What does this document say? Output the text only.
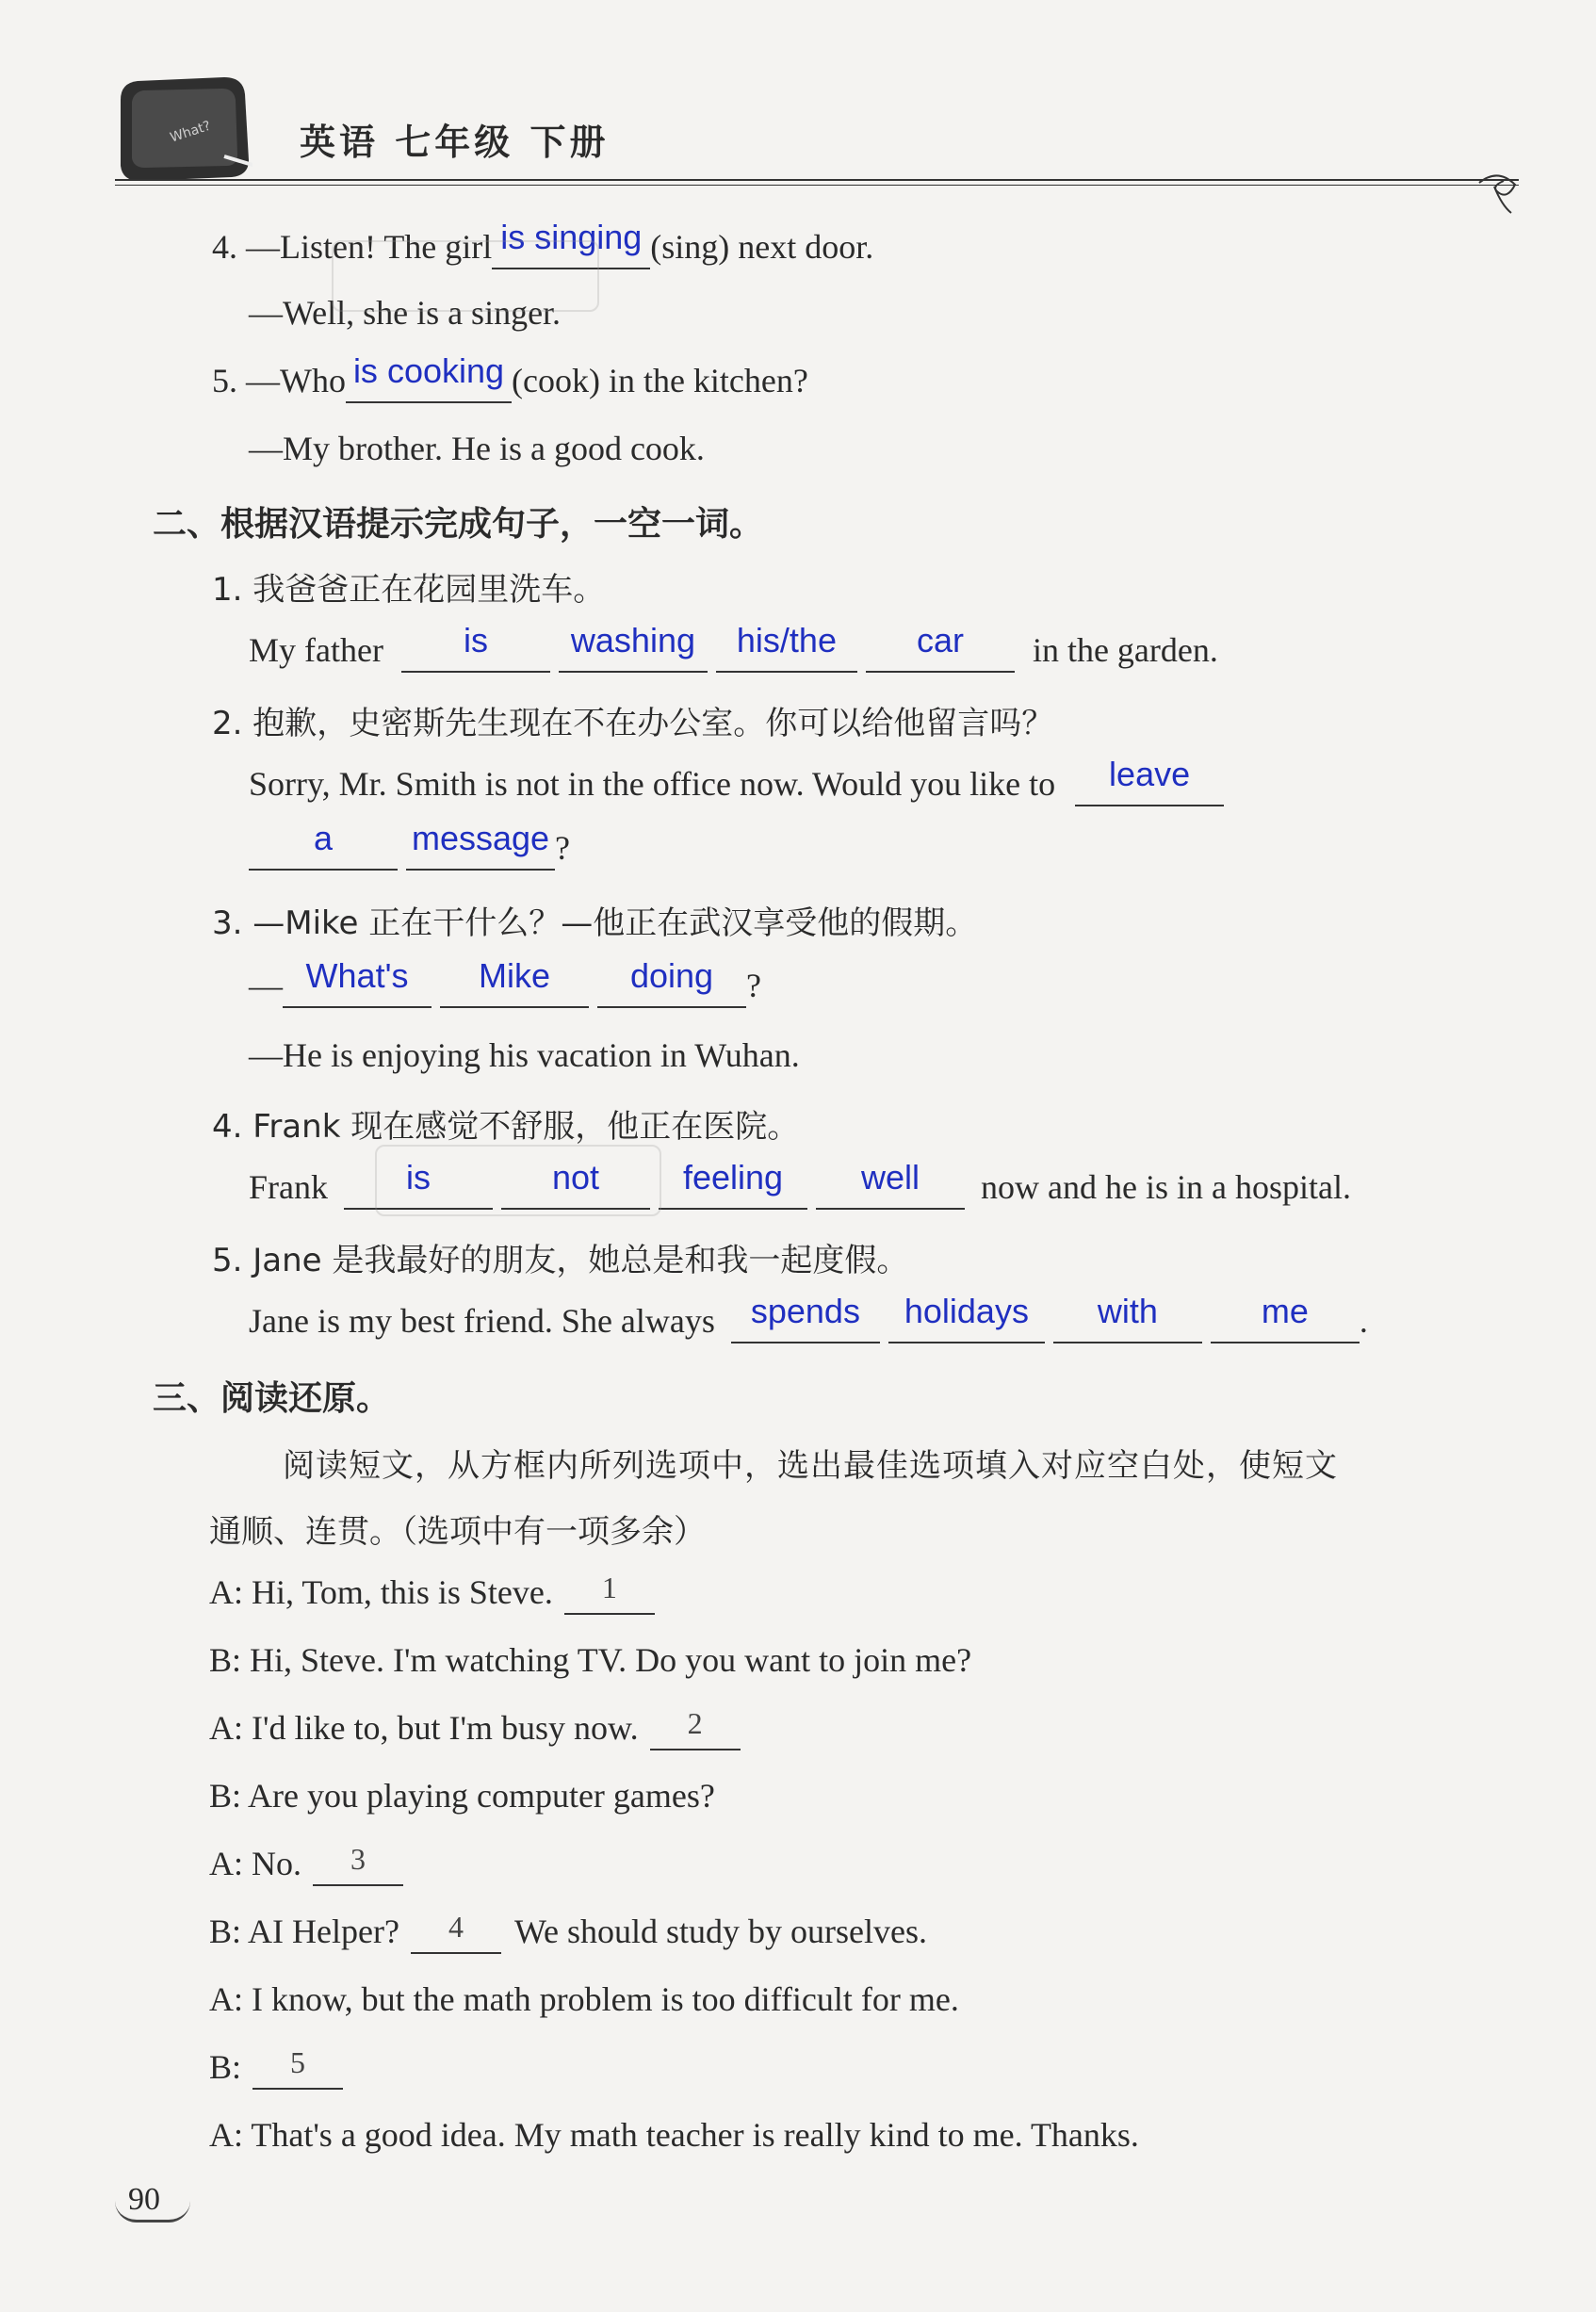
What? 英语 七年级 下册
4. —Listen! The girl is singing (sing) next door.
—Well, she is a singer.
5. —Who is cooking (cook) in the kitchen?
—My brother. He is a good cook.
二、根据汉语提示完成句子，一空一词。
1. 我爸爸正在花园里洗车。
My father is washing his/the car in the garden.
2. 抱歉，史密斯先生现在不在办公室。你可以给他留言吗？
Sorry, Mr. Smith is not in the office now. Would you like to leave
a message ?
3. —Mike 正在干什么？—他正在武汉享受他的假期。
— What's Mike doing ?
—He is enjoying his vacation in Wuhan.
4. Frank 现在感觉不舒服，他正在医院。
Frank is	not feeling well now and he is in a hospital.
5. Jane 是我最好的朋友，她总是和我一起度假。
Jane is my best friend. She always spends holidays with	me .
三、阅读还原。
阅读短文，从方框内所列选项中，选出最佳选项填入对应空白处，使短文
通顺、连贯。（选项中有一项多余）
A: Hi, Tom, this is Steve. 1
B: Hi, Steve. I'm watching TV. Do you want to join me?
A: I'd like to, but I'm busy now. 2
B: Are you playing computer games?
A: No. 3
B: AI Helper? 4 We should study by ourselves.
A: I know, but the math problem is too difficult for me.
B: 5
A: That's a good idea. My math teacher is really kind to me. Thanks.
90
